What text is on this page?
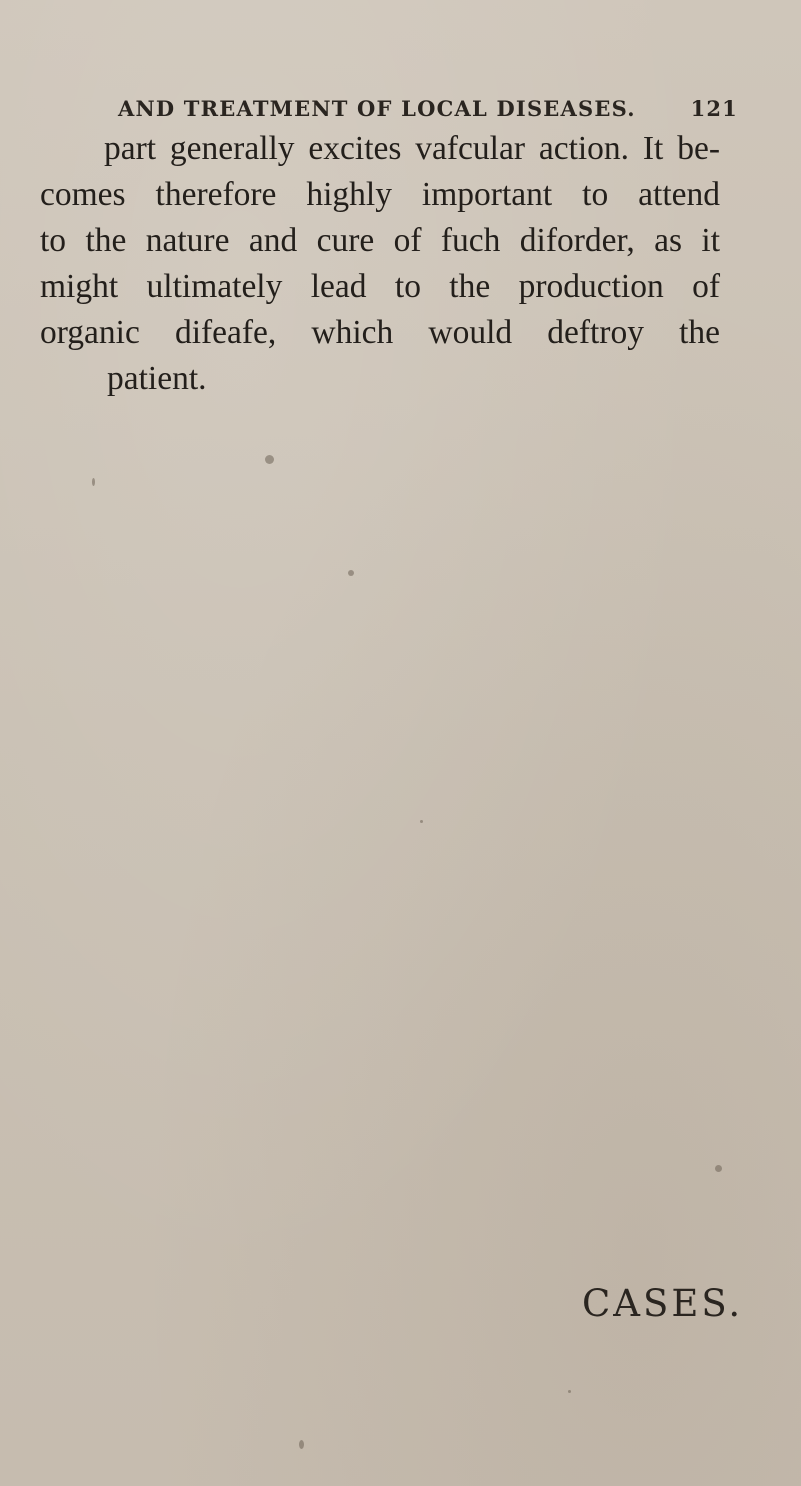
AND TREATMENT OF LOCAL DISEASES.	121
part generally excites vafcular action. It be-
comes therefore highly important to attend
to the nature and cure of fuch diforder, as it
might ultimately lead to the production of
organic difeafe, which would deftroy the
patient.
CASES.
